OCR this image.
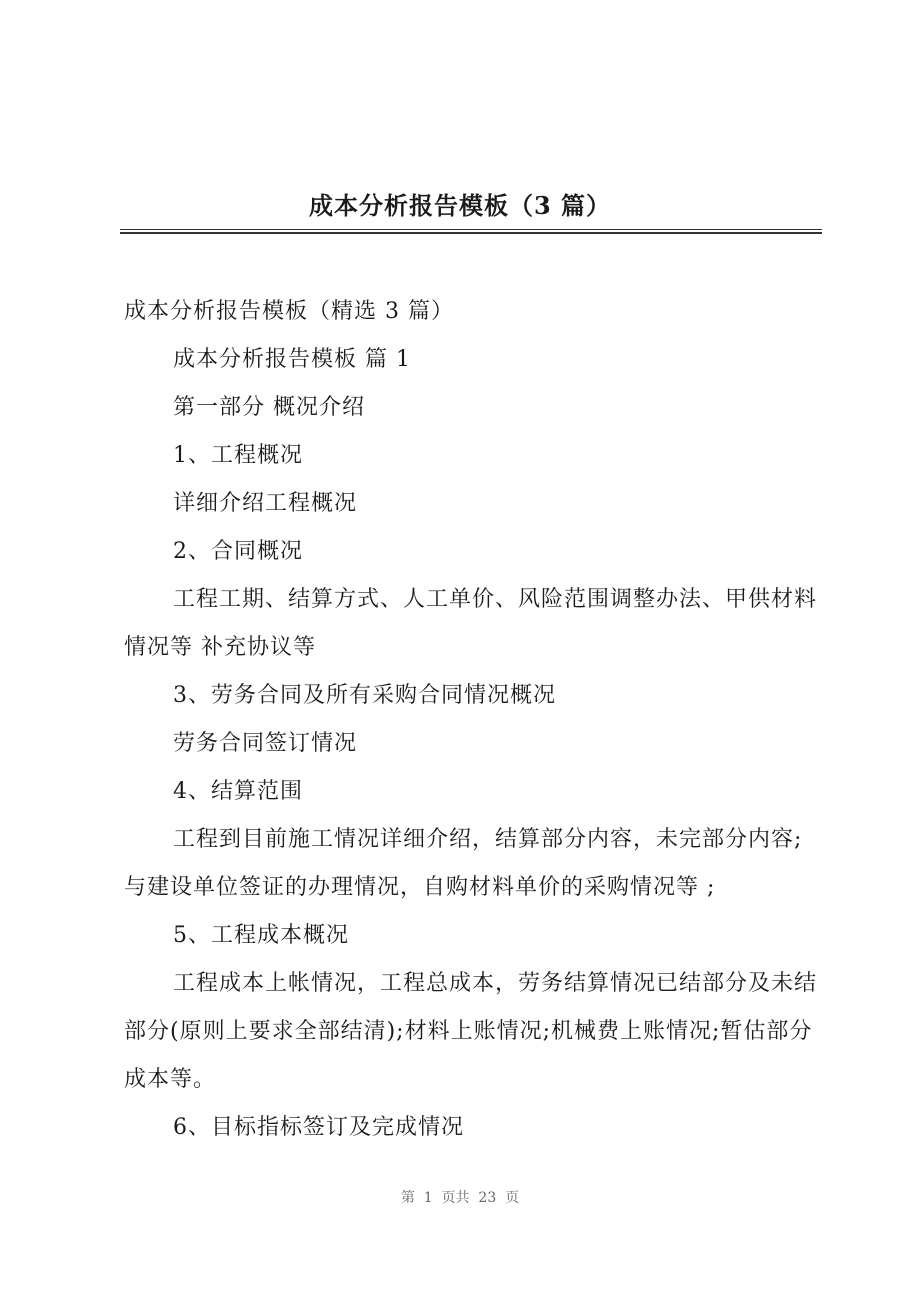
成本分析报告模板（3 篇）

成本分析报告模板（精选 3 篇）

成本分析报告模板 篇 1

第一部分 概况介绍

1、工程概况

详细介绍工程概况

2、合同概况

工程工期、结算方式、人工单价、风险范围调整办法、甲供材料情况等 补充协议等

3、劳务合同及所有采购合同情况概况

劳务合同签订情况

4、结算范围

工程到目前施工情况详细介绍，结算部分内容，未完部分内容;与建设单位签证的办理情况，自购材料单价的采购情况等 ;

5、工程成本概况

工程成本上帐情况，工程总成本，劳务结算情况已结部分及未结部分(原则上要求全部结清);材料上账情况;机械费上账情况;暂估部分成本等。

6、目标指标签订及完成情况

第  1  页共  23  页
